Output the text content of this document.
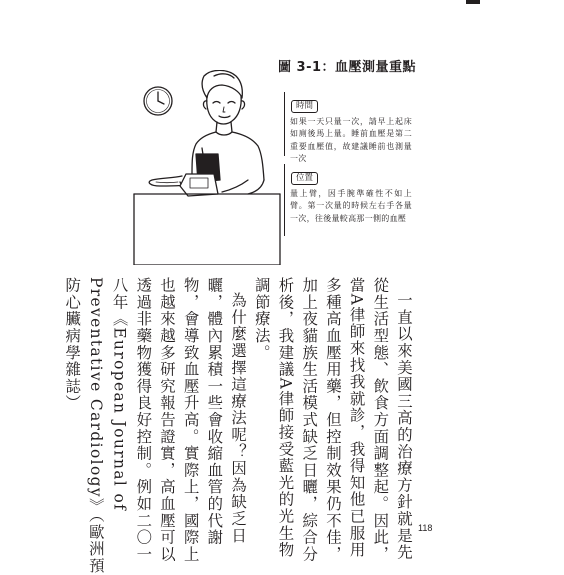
圖 3-1：血壓測量重點
時間

如果一天只量一次，請早上起床如廁後馬上量。睡前血壓是第二重要血壓值，故建議睡前也測量一次

位置

量上臂，因手腕準確性不如上臂。第一次量的時候左右手各量一次，往後量較高那一側的血壓

一直以來美國三高的治療方針就是先從生活型態、飲食方面調整起。因此，當A律師來找我就診，我得知他已服用多種高血壓用藥，但控制效果仍不佳，加上夜貓族生活模式缺乏日曬，綜合分析後，我建議A律師接受藍光的光生物調節療法。

為什麼選擇這療法呢？因為缺乏日曬，體內累積一些會收縮血管的代謝物，會導致血壓升高。實際上，國際上也越來越多研究報告證實，高血壓可以透過非藥物獲得良好控制。例如二〇一八年《European Journal of Preventative Cardiology》（歐洲預防心臟病學雜誌）

118
